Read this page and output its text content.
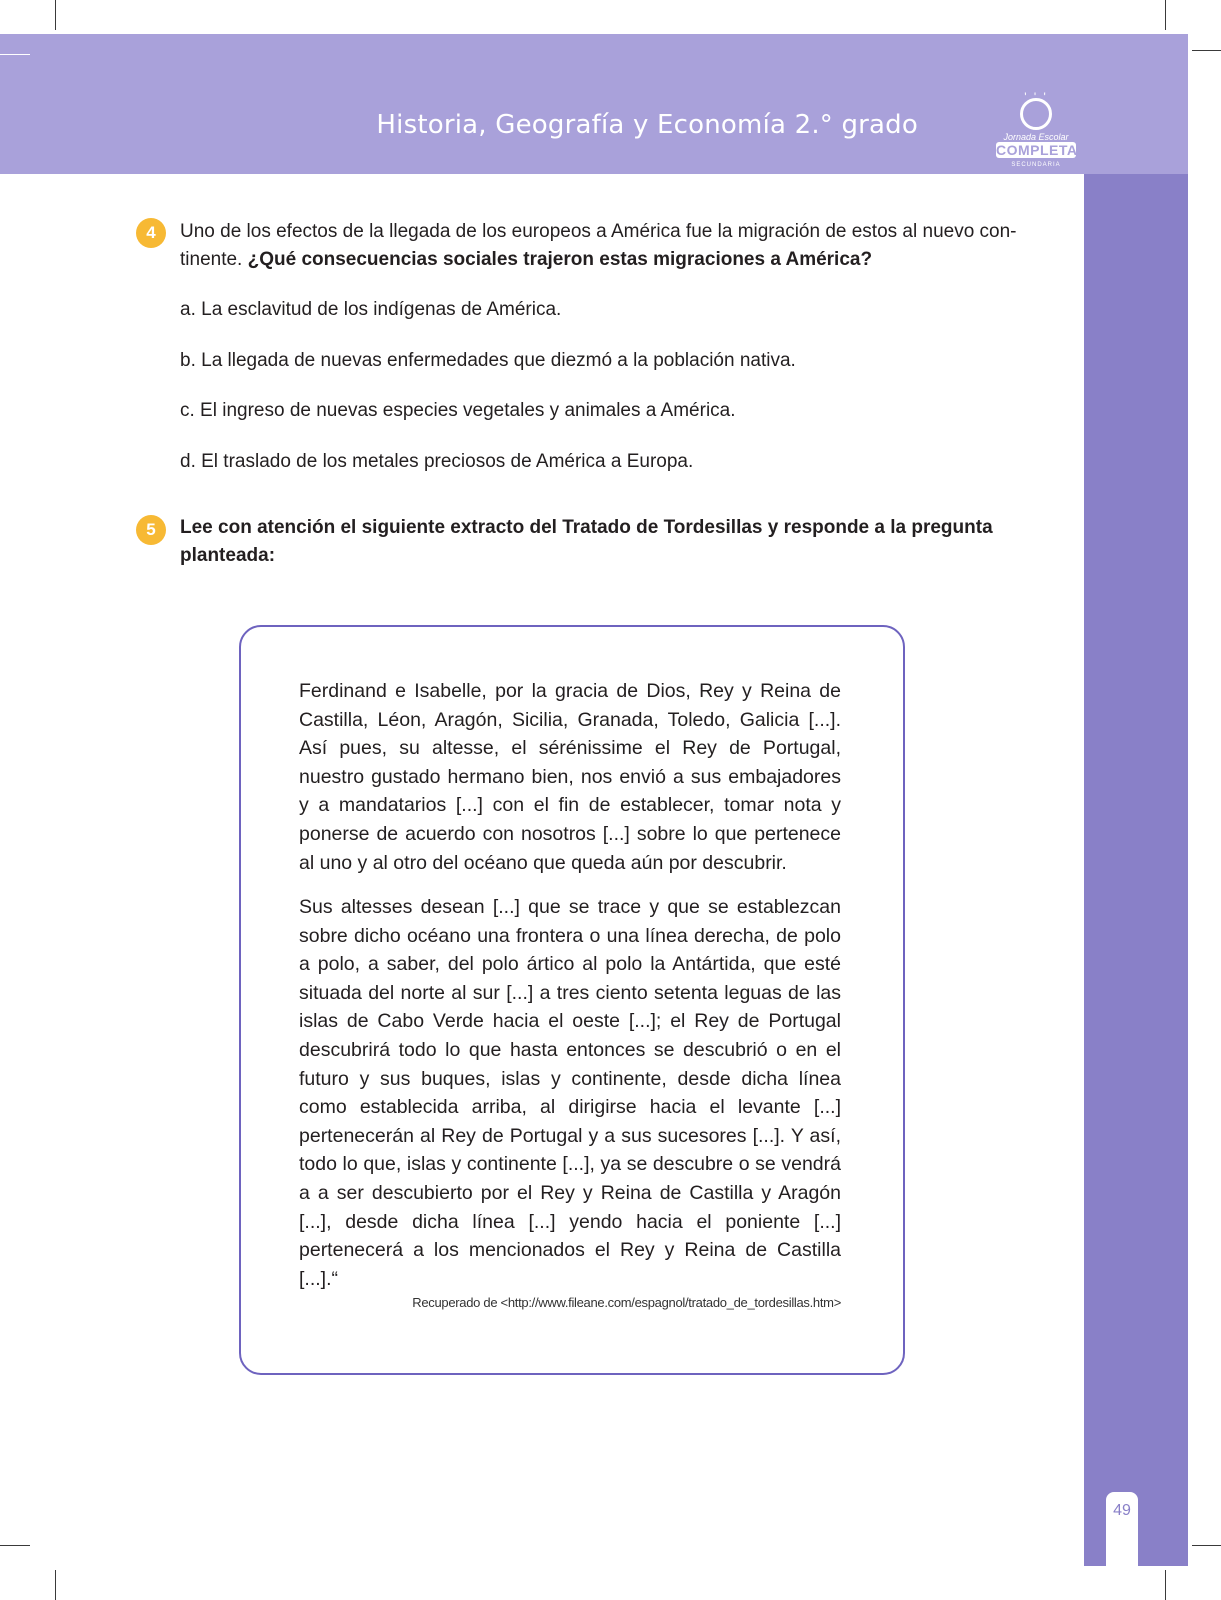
Historia, Geografía y Economía 2.° grado
' ' '
Jornada Escolar
COMPLETA
SECUNDARIA
49
4	Uno de los efectos de la llegada de los europeos a América fue la migración de estos al nuevo con-
tinente. ¿Qué consecuencias sociales trajeron estas migraciones a América?
a. La esclavitud de los indígenas de América.
b. La llegada de nuevas enfermedades que diezmó a la población nativa.
c. El ingreso de nuevas especies vegetales y animales a América.
d. El traslado de los metales preciosos de América a Europa.
5	Lee con atención el siguiente extracto del Tratado de Tordesillas y responde a la pregunta
planteada:

Ferdinand e Isabelle, por la gracia de Dios, Rey y Reina de Castilla, Léon, Aragón, Sicilia, Granada, Toledo, Galicia [...]. Así pues, su altesse, el sérénissime el Rey de Portugal, nuestro gustado hermano bien, nos envió a sus embajadores y a mandatarios [...] con el fin de establecer, tomar nota y ponerse de acuerdo con nosotros [...] sobre lo que pertenece al uno y al otro del océano que queda aún por descubrir.

Sus altesses desean [...] que se trace y que se establezcan sobre dicho océano una frontera o una línea derecha, de polo a polo, a saber, del polo ártico al polo la Antártida, que esté situada del norte al sur [...] a tres ciento setenta leguas de las islas de Cabo Verde hacia el oeste [...]; el Rey de Portugal descubrirá todo lo que hasta entonces se descubrió o en el futuro y sus buques, islas y continente, desde dicha línea como establecida arriba, al dirigirse hacia el levante [...] pertenecerán al Rey de Portugal y a sus sucesores [...]. Y así, todo lo que, islas y continente [...], ya se descubre o se vendrá a a ser descubierto por el Rey y Reina de Castilla y Aragón [...], desde dicha línea [...] yendo hacia el poniente [...] pertenecerá a los mencionados el Rey y Reina de Castilla [...].“

Recuperado de <http://www.fileane.com/espagnol/tratado_de_tordesillas.htm>
